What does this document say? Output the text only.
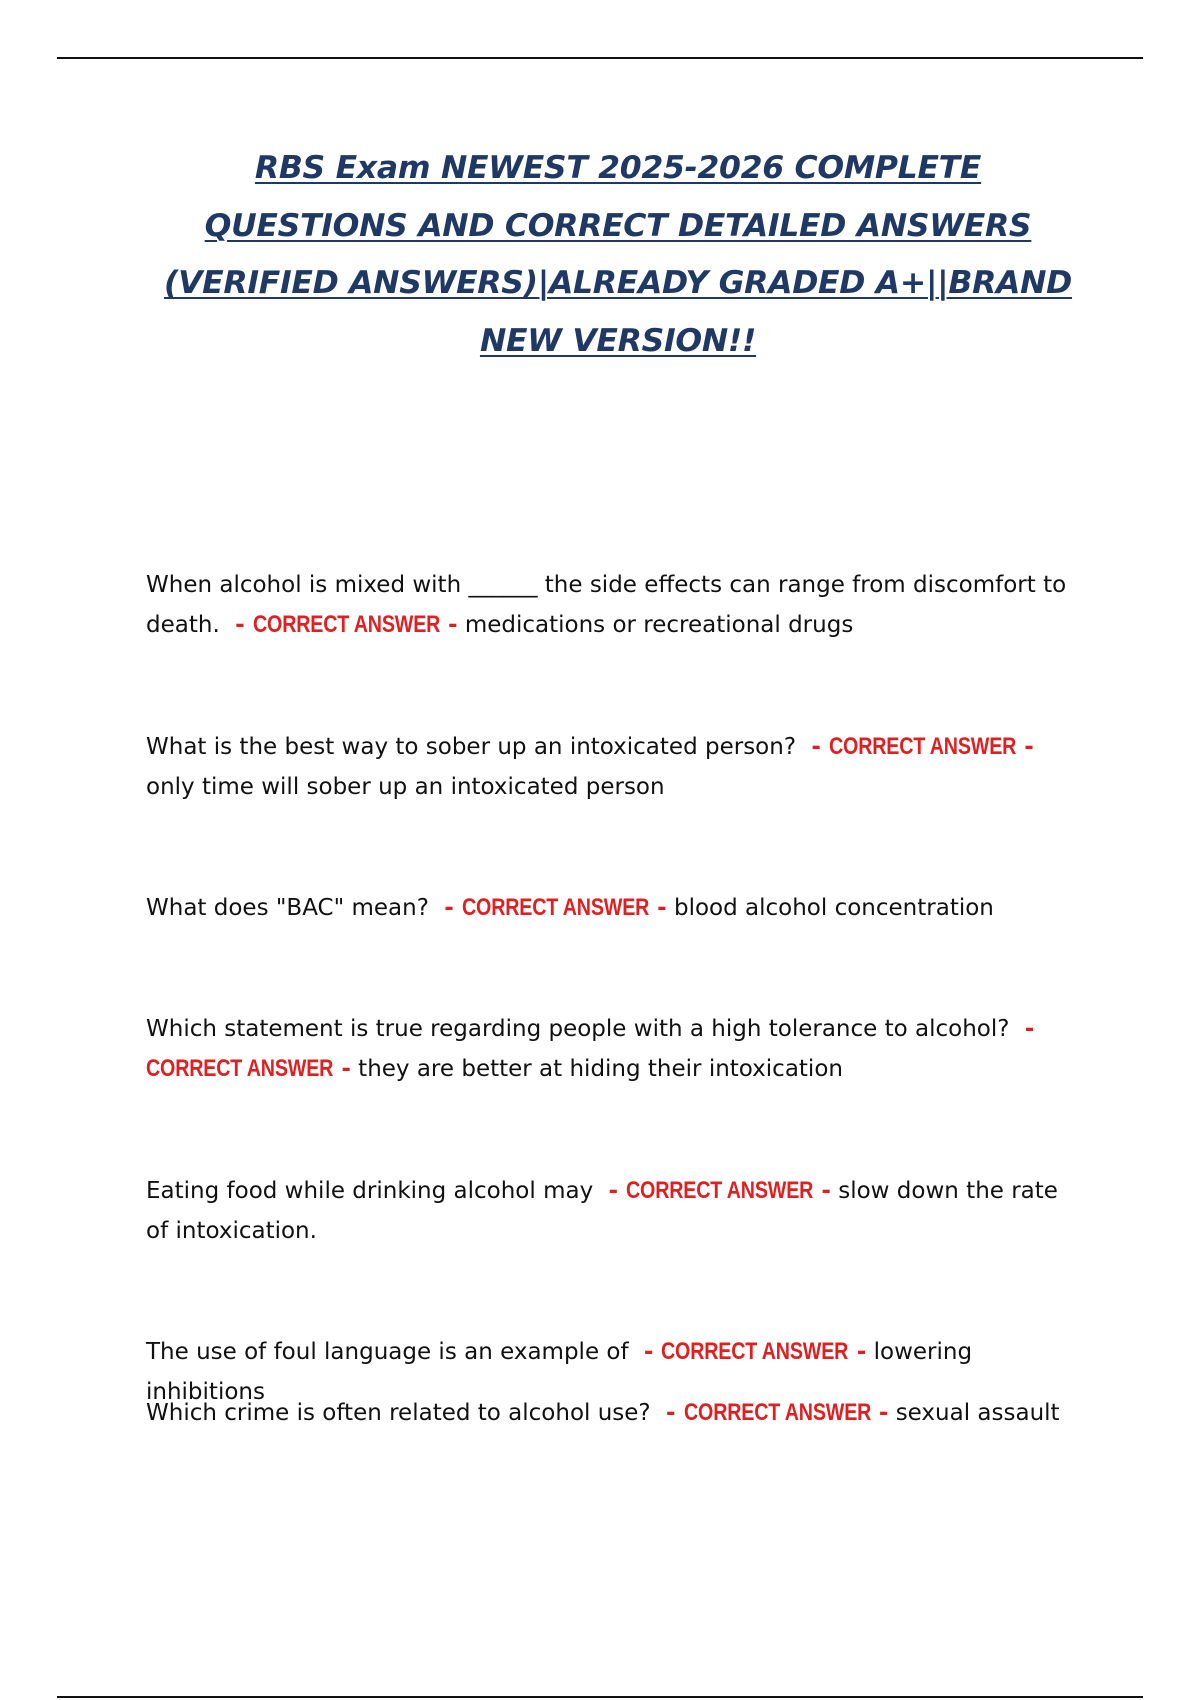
RBS Exam NEWEST 2025-2026 COMPLETE QUESTIONS AND CORRECT DETAILED ANSWERS (VERIFIED ANSWERS)|ALREADY GRADED A+||BRAND NEW VERSION!!

When alcohol is mixed with ______ the side effects can range from discomfort to death.  - CORRECT ANSWER - medications or recreational drugs

What is the best way to sober up an intoxicated person?  - CORRECT ANSWER - only time will sober up an intoxicated person

What does "BAC" mean?  - CORRECT ANSWER - blood alcohol concentration

Which statement is true regarding people with a high tolerance to alcohol?  - CORRECT ANSWER - they are better at hiding their intoxication

Eating food while drinking alcohol may  - CORRECT ANSWER - slow down the rate of intoxication.

The use of foul language is an example of  - CORRECT ANSWER - lowering inhibitions

Which crime is often related to alcohol use?  - CORRECT ANSWER - sexual assault
